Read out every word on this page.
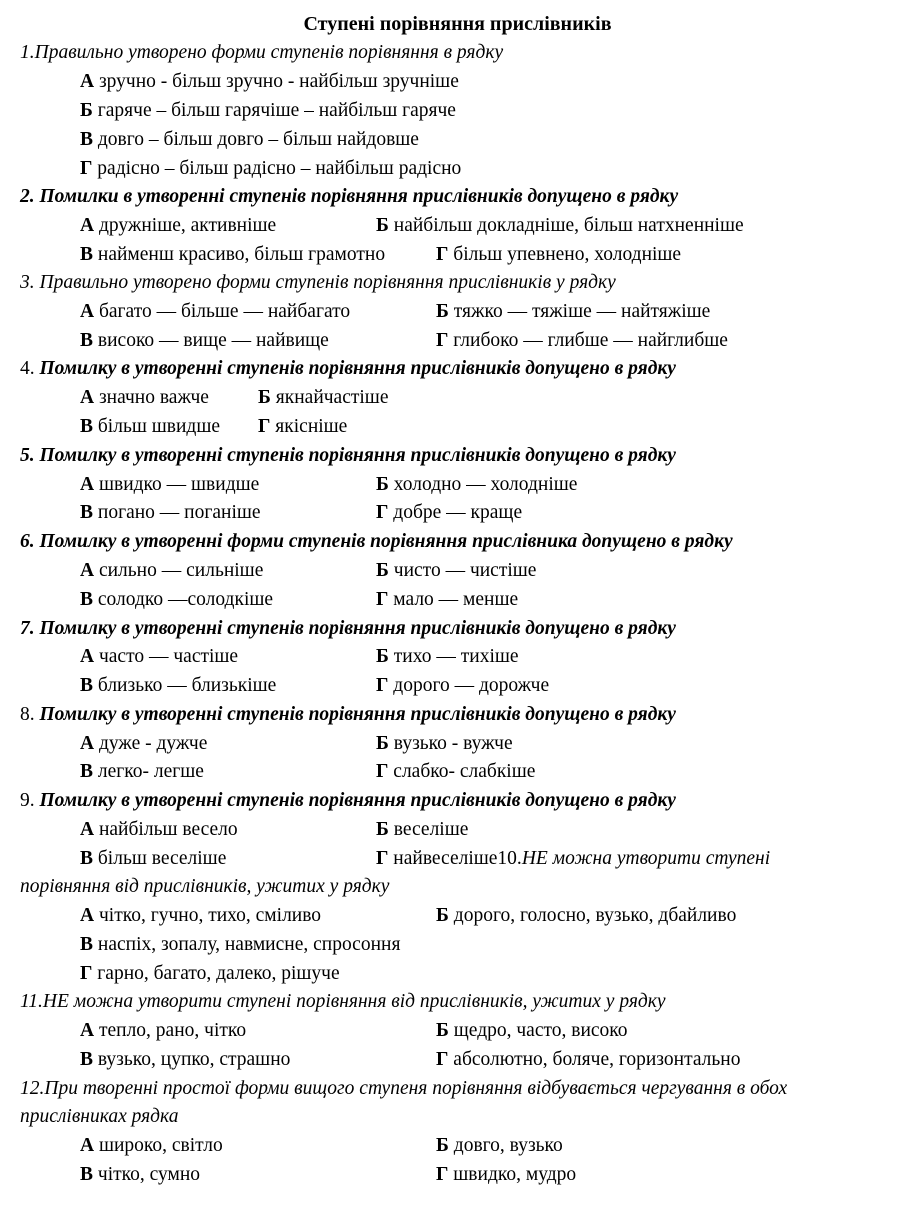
Ступені порівняння прислівників
1.Правильно утворено форми ступенів порівняння в рядку
А зручно - більш зручно - найбільш зручніше
Б гаряче – більш гарячіше – найбільш гаряче
В довго – більш довго – більш найдовше
Г радісно – більш радісно – найбільш радісно
2. Помилки в утворенні ступенів порівняння прислівників допущено в рядку
А дружніше, активніше	Б найбільш докладніше, більш натхненніше
В найменш красиво, більш грамотно	Г більш упевнено, холодніше
3. Правильно утворено форми ступенів порівняння прислівників у рядку
А багато — більше — найбагато	Б тяжко — тяжіше — найтяжіше
В високо — вище — найвище	Г глибоко — глибше — найглибше
4. Помилку в утворенні ступенів порівняння прислівників допущено в рядку
А значно важче	Б якнайчастіше
В більш швидше Г якісніше
5. Помилку в утворенні ступенів порівняння прислівників допущено в рядку
А швидко — швидше	Б холодно — холодніше
В погано — поганіше	Г добре — краще
6. Помилку в утворенні форми ступенів порівняння прислівника допущено в рядку
А сильно — сильніше	Б чисто — чистіше
В солодко —солодкіше	Г мало — менше
7. Помилку в утворенні ступенів порівняння прислівників допущено в рядку
А часто — частіше	Б тихо — тихіше
В близько — близькіше	Г дорого — дорожче
8. Помилку в утворенні ступенів порівняння прислівників допущено в рядку
А дуже - дужче	Б вузько - вужче
В легко- легше	Г слабко- слабкіше
9. Помилку в утворенні ступенів порівняння прислівників допущено в рядку
А найбільш весело	Б веселіше
В більш веселіше	Г найвеселіше10.НЕ можна утворити ступені
порівняння від прислівників, ужитих у рядку
А чітко, гучно, тихо, сміливо	Б дорого, голосно, вузько, дбайливо
В наспіх, зопалу, навмисне, спросоння
Г гарно, багато, далеко, рішуче
11.НЕ можна утворити ступені порівняння від прислівників, ужитих у рядку
А тепло, рано, чітко	Б щедро, часто, високо
В вузько, цупко, страшно	Г абсолютно, боляче, горизонтально
12.При творенні простої форми вищого ступеня порівняння відбувається чергування в обох
прислівниках рядка
А широко, світло	Б довго, вузько
В чітко, сумно	Г швидко, мудро
